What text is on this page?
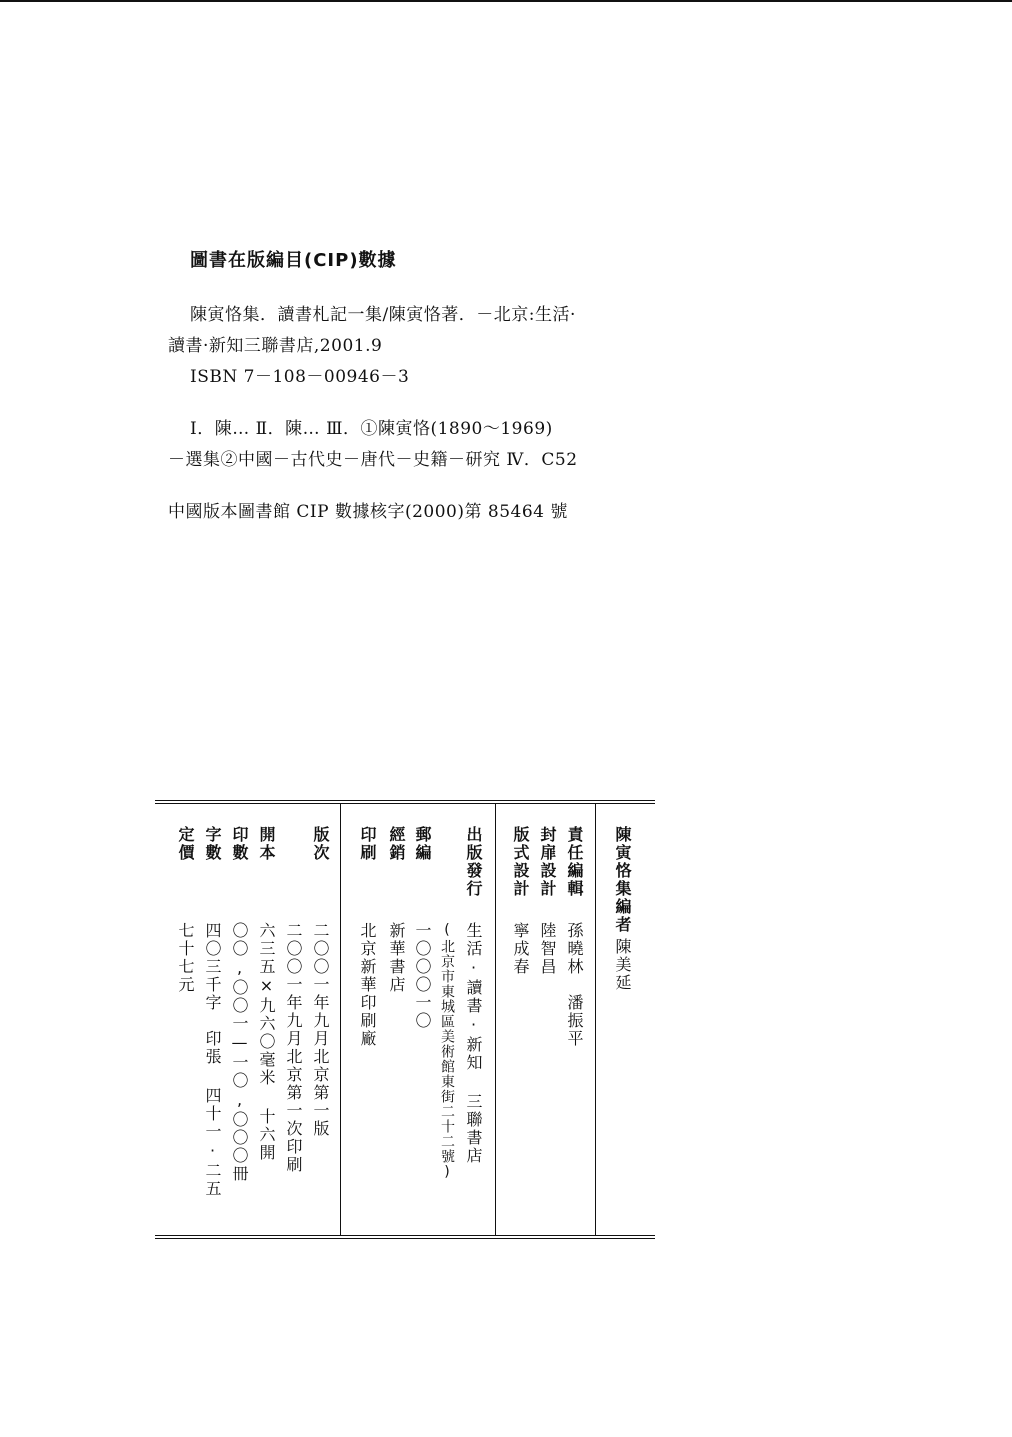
圖書在版編目(CIP)數據
陳寅恪集．讀書札記一集/陳寅恪著．－北京:生活·
讀書·新知三聯書店,2001.9
ISBN 7－108－00946－3
Ⅰ．陳… Ⅱ．陳… Ⅲ．①陳寅恪(1890～1969)
－選集②中國－古代史－唐代－史籍－研究 Ⅳ．C52
中國版本圖書館 CIP 數據核字(2000)第 85464 號
陳寅恪集編者
陳美延
責任編輯
孫曉林　潘振平
封扉設計
陸智昌
版式設計
寧成春
出版發行
生活·讀書·新知 三聯書店
(北京市東城區美術館東街二十二號)
郵編
一〇〇〇一〇
經銷
新華書店
印刷
北京新華印刷廠
版次
二〇〇一年九月北京第一版
二〇〇一年九月北京第一次印刷
開本
六三五×九六〇毫米 十六開
印數
〇〇,〇〇一—一〇,〇〇〇冊
字數
四〇三千字　印張 四十一·二五
定價
七十七元
